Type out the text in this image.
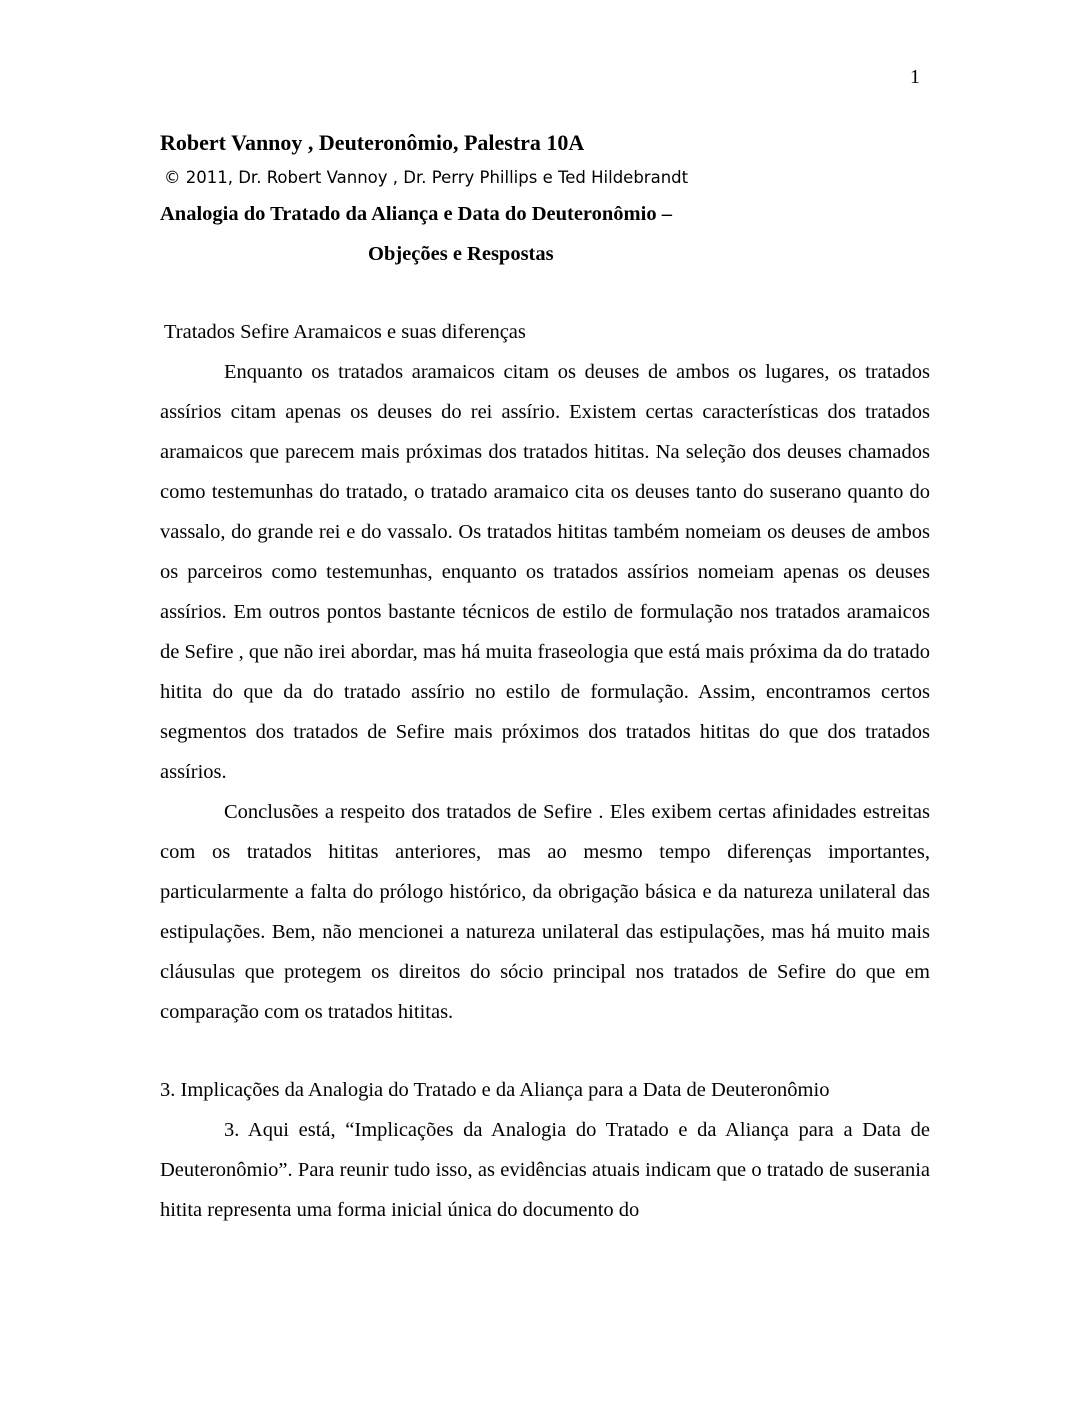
1
Robert Vannoy , Deuteronômio, Palestra 10A
© 2011, Dr. Robert Vannoy , Dr. Perry Phillips e Ted Hildebrandt
Analogia do Tratado da Aliança e Data do Deuteronômio –
Objeções e Respostas
Tratados Sefire Aramaicos e suas diferenças

Enquanto os tratados aramaicos citam os deuses de ambos os lugares, os tratados assírios citam apenas os deuses do rei assírio. Existem certas características dos tratados aramaicos que parecem mais próximas dos tratados hititas. Na seleção dos deuses chamados como testemunhas do tratado, o tratado aramaico cita os deuses tanto do suserano quanto do vassalo, do grande rei e do vassalo. Os tratados hititas também nomeiam os deuses de ambos os parceiros como testemunhas, enquanto os tratados assírios nomeiam apenas os deuses assírios. Em outros pontos bastante técnicos de estilo de formulação nos tratados aramaicos de Sefire , que não irei abordar, mas há muita fraseologia que está mais próxima da do tratado hitita do que da do tratado assírio no estilo de formulação. Assim, encontramos certos segmentos dos tratados de Sefire mais próximos dos tratados hititas do que dos tratados assírios.

Conclusões a respeito dos tratados de Sefire . Eles exibem certas afinidades estreitas com os tratados hititas anteriores, mas ao mesmo tempo diferenças importantes, particularmente a falta do prólogo histórico, da obrigação básica e da natureza unilateral das estipulações. Bem, não mencionei a natureza unilateral das estipulações, mas há muito mais cláusulas que protegem os direitos do sócio principal nos tratados de Sefire do que em comparação com os tratados hititas.

3. Implicações da Analogia do Tratado e da Aliança para a Data de Deuteronômio

3. Aqui está, “Implicações da Analogia do Tratado e da Aliança para a Data de Deuteronômio”. Para reunir tudo isso, as evidências atuais indicam que o tratado de suserania hitita representa uma forma inicial única do documento do
